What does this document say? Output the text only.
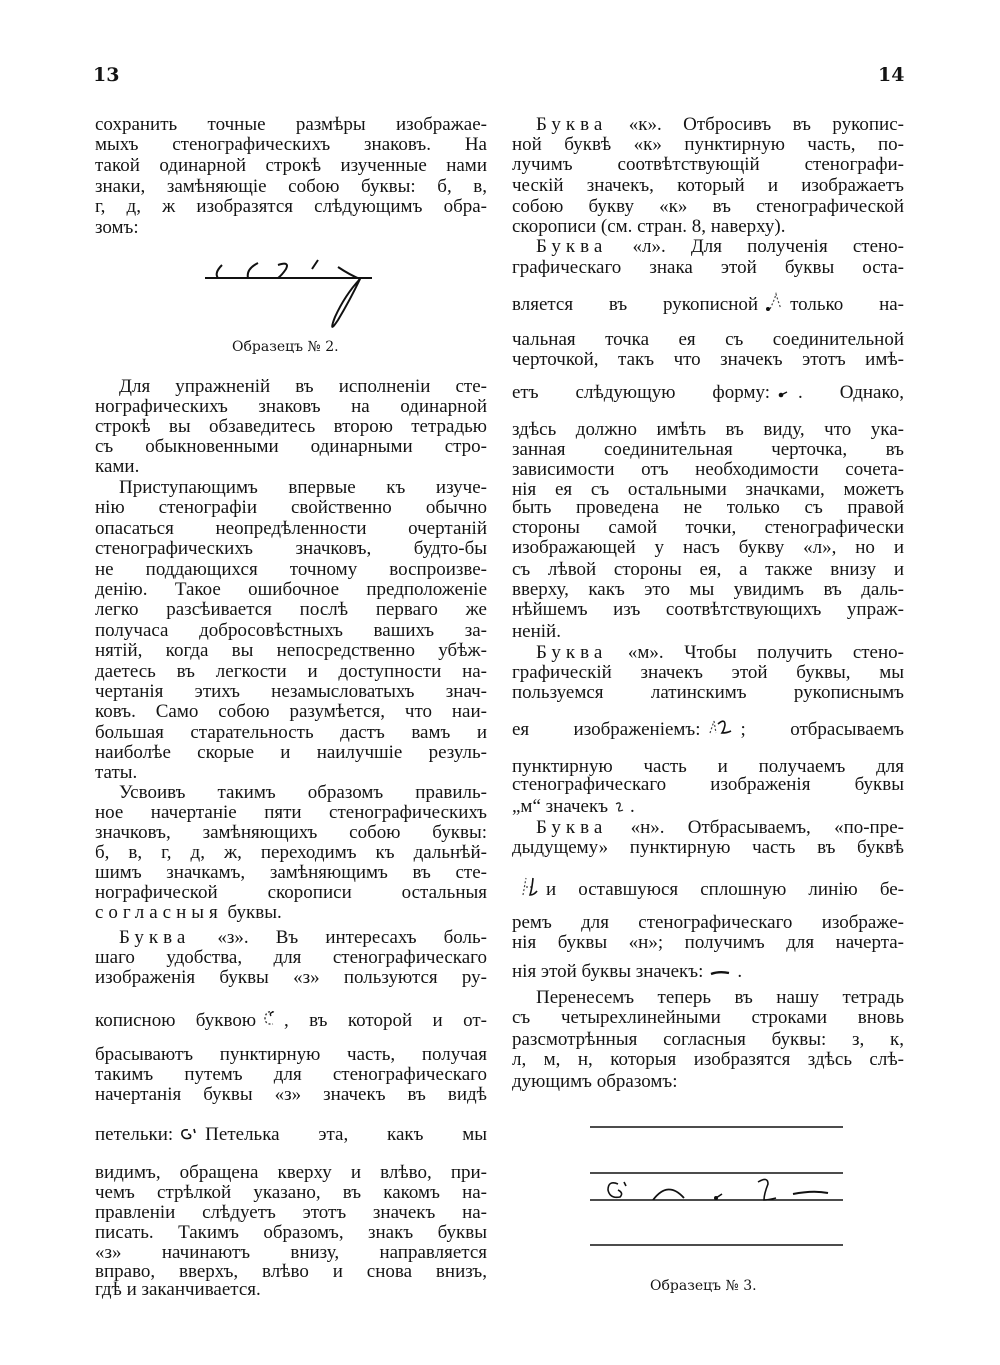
13	14
сохранить точные размѣры изображае-
мыхъ стенографическихъ знаковъ. На
такой одинарной строкѣ изученные нами
знаки, замѣняющіе собою буквы: б, в,
г, д, ж изобразятся слѣдующимъ обра-
зомъ:
Для упражненій въ исполненіи сте-
нографическихъ знаковъ на одинарной
строкѣ вы обзаведитесь второю тетрадью
съ обыкновенными одинарными стро-
ками.
Приступающимъ впервые къ изуче-
нію стенографіи свойственно обычно
опасаться неопредѣленности очертаній
стенографическихъ значковъ, будто-бы
не поддающихся точному воспроизве-
денію. Такое ошибочное предположеніе
легко разсѣивается послѣ перваго же
получаса добросовѣстныхъ вашихъ за-
нятій, когда вы непосредственно убѣж-
даетесь въ легкости и доступности на-
чертанія этихъ незамысловатыхъ знач-
ковъ. Само собою разумѣется, что наи-
большая старательность дастъ вамъ и
наиболѣе скорые и наилучшіе резуль-
таты.
Усвоивъ такимъ образомъ правиль-
ное начертаніе пяти стенографическихъ
значковъ, замѣняющихъ собою буквы:
б, в, г, д, ж, переходимъ къ дальнѣй-
шимъ значкамъ, замѣняющимъ въ сте-
нографической скорописи остальныя
согласныя буквы.
Буква «з». Въ интересахъ боль-
шаго удобства, для стенографическаго
изображенія буквы «з» пользуются ру-
кописною буквою , въ которой и от-
брасываютъ пунктирную часть, получая
такимъ путемъ для стенографическаго
начертанія буквы «з» значекъ въ видѣ
петельки: Петелька эта, какъ мы
видимъ, обращена кверху и влѣво, при-
чемъ стрѣлкой указано, въ какомъ на-
правленіи слѣдуетъ этотъ значекъ на-
писать. Такимъ образомъ, знакъ буквы
«з» начинаютъ внизу, направляется
вправо, вверхъ, влѣво и снова внизъ,
гдѣ и заканчивается.
Буква «к». Отбросивъ въ рукопис-
ной буквѣ «к» пунктирную часть, по-
лучимъ соотвѣтствующій стенографи-
ческій значекъ, который и изображаетъ
собою букву «к» въ стенографической
скорописи (см. стран. 8, наверху).
Буква «л». Для полученія стено-
графическаго знака этой буквы оста-
вляется въ рукописной только на-
чальная точка ея съ соединительной
черточкой, такъ что значекъ этотъ имѣ-
етъ слѣдующую форму: . Однако,
здѣсь должно имѣть въ виду, что ука-
занная соединительная черточка, въ
зависимости отъ необходимости сочета-
нія ея съ остальными значками, можетъ
быть проведена не только съ правой
стороны самой точки, стенографически
изображающей у насъ букву «л», но и
съ лѣвой стороны ея, а также внизу и
вверху, какъ это мы увидимъ въ даль-
нѣйшемъ изъ соотвѣтствующихъ упраж-
неній.
Буква «м». Чтобы получить стено-
графическій значекъ этой буквы, мы
пользуемся латинскимъ рукописнымъ
ея изображеніемъ: ; отбрасываемъ
пунктирную часть и получаемъ для
стенографическаго изображенія буквы
„м“ значекъ .
Буква «н». Отбрасываемъ, «по-пре-
дыдущему» пунктирную часть въ буквѣ
и оставшуюся сплошную линію бе-
ремъ для стенографическаго изображе-
нія буквы «н»; получимъ для начерта-
нія этой буквы значекъ: .
Перенесемъ теперь въ нашу тетрадь
съ четырехлинейными строками вновь
разсмотрѣнныя согласныя буквы: з, к,
л, м, н, которыя изобразятся здѣсь слѣ-
дующимъ образомъ:
Образецъ № 2.
Образецъ № 3.
